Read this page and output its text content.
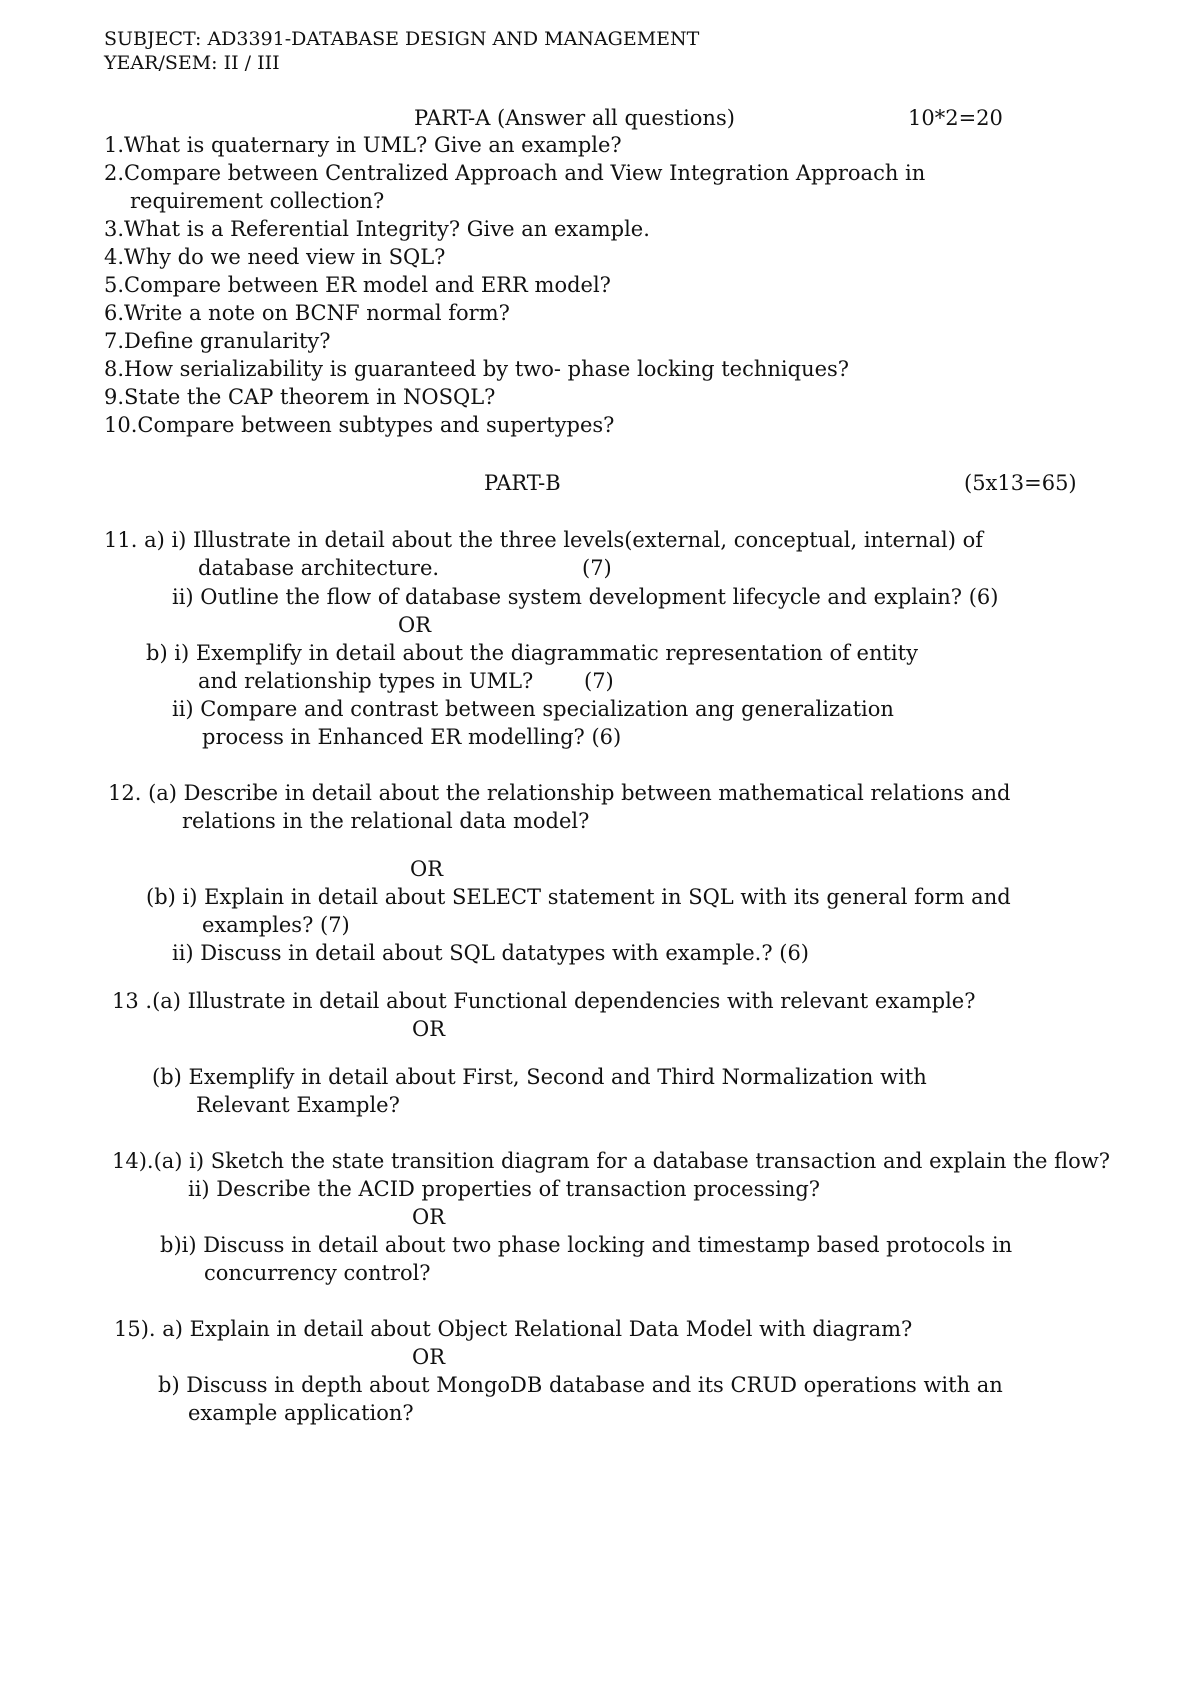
SUBJECT: AD3391-DATABASE DESIGN AND MANAGEMENT
YEAR/SEM: II / III
PART-A (Answer all questions)	10*2=20
1.What is quaternary in UML? Give an example?
2.Compare between Centralized Approach and View Integration Approach in
requirement collection?
3.What is a Referential Integrity? Give an example.
4.Why do we need view in SQL?
5.Compare between ER model and ERR model?
6.Write a note on BCNF normal form?
7.Define granularity?
8.How serializability is guaranteed by two- phase locking techniques?
9.State the CAP theorem in NOSQL?
10.Compare between subtypes and supertypes?
PART-B	(5x13=65)
11. a) i) Illustrate in detail about the three levels(external, conceptual, internal) of
database architecture.	(7)
ii) Outline the flow of database system development lifecycle and explain? (6)
OR
b) i) Exemplify in detail about the diagrammatic representation of entity
and relationship types in UML? (7)
ii) Compare and contrast between specialization ang generalization
process in Enhanced ER modelling? (6)
12. (a) Describe in detail about the relationship between mathematical relations and
relations in the relational data model?
OR
(b) i) Explain in detail about SELECT statement in SQL with its general form and
examples? (7)
ii) Discuss in detail about SQL datatypes with example.? (6)
13 .(a) Illustrate in detail about Functional dependencies with relevant example?
OR
(b) Exemplify in detail about First, Second and Third Normalization with
Relevant Example?
14).(a) i) Sketch the state transition diagram for a database transaction and explain the flow?
ii) Describe the ACID properties of transaction processing?
OR
b)i) Discuss in detail about two phase locking and timestamp based protocols in
concurrency control?
15). a) Explain in detail about Object Relational Data Model with diagram?
OR
b) Discuss in depth about MongoDB database and its CRUD operations with an
example application?
